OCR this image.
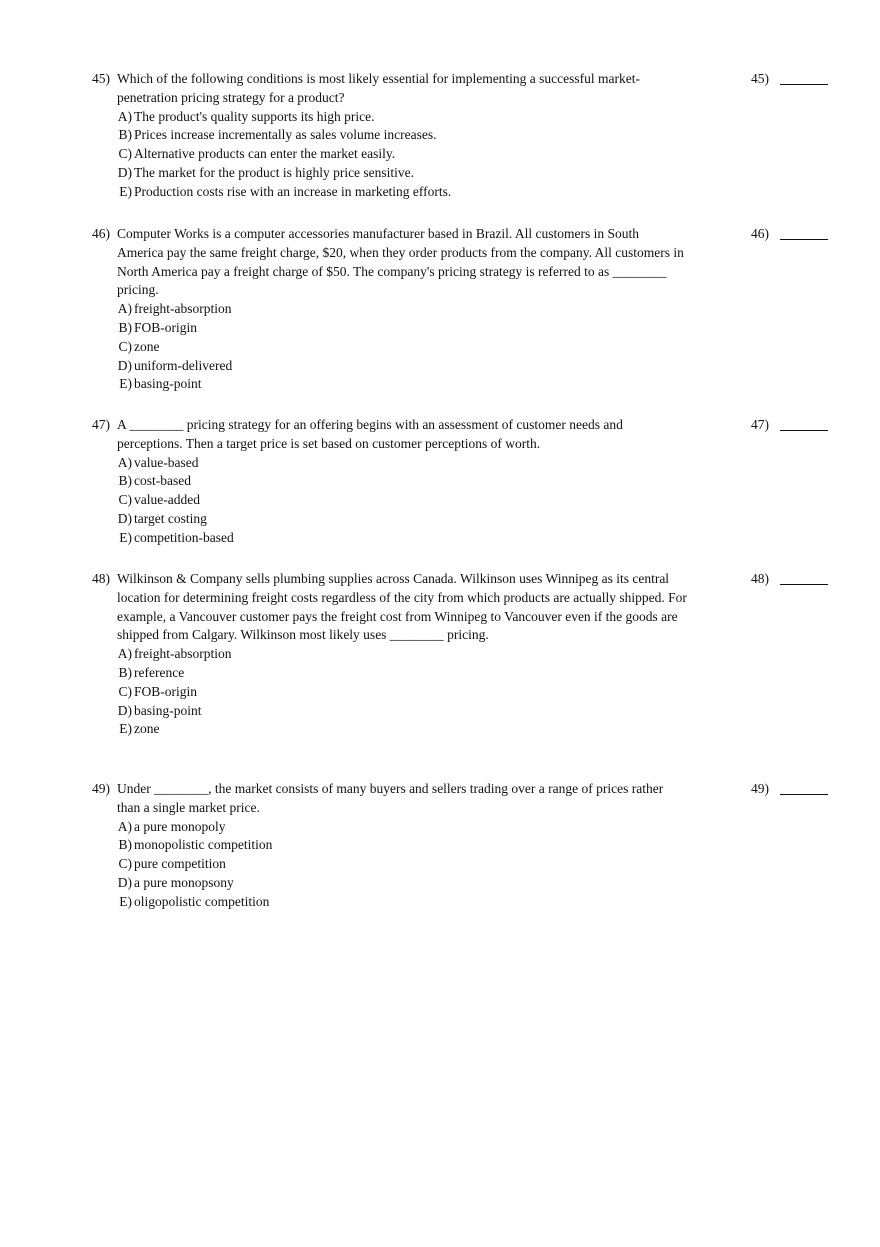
45) Which of the following conditions is most likely essential for implementing a successful market-penetration pricing strategy for a product?
A) The product's quality supports its high price.
B) Prices increase incrementally as sales volume increases.
C) Alternative products can enter the market easily.
D) The market for the product is highly price sensitive.
E) Production costs rise with an increase in marketing efforts.
45)
46) Computer Works is a computer accessories manufacturer based in Brazil. All customers in South America pay the same freight charge, $20, when they order products from the company. All customers in North America pay a freight charge of $50. The company's pricing strategy is referred to as ________ pricing.
A) freight-absorption
B) FOB-origin
C) zone
D) uniform-delivered
E) basing-point
46)
47) A ________ pricing strategy for an offering begins with an assessment of customer needs and perceptions. Then a target price is set based on customer perceptions of worth.
A) value-based
B) cost-based
C) value-added
D) target costing
E) competition-based
47)
48) Wilkinson & Company sells plumbing supplies across Canada. Wilkinson uses Winnipeg as its central location for determining freight costs regardless of the city from which products are actually shipped. For example, a Vancouver customer pays the freight cost from Winnipeg to Vancouver even if the goods are shipped from Calgary. Wilkinson most likely uses ________ pricing.
A) freight-absorption
B) reference
C) FOB-origin
D) basing-point
E) zone
48)
49) Under ________, the market consists of many buyers and sellers trading over a range of prices rather than a single market price.
A) a pure monopoly
B) monopolistic competition
C) pure competition
D) a pure monopsony
E) oligopolistic competition
49)
